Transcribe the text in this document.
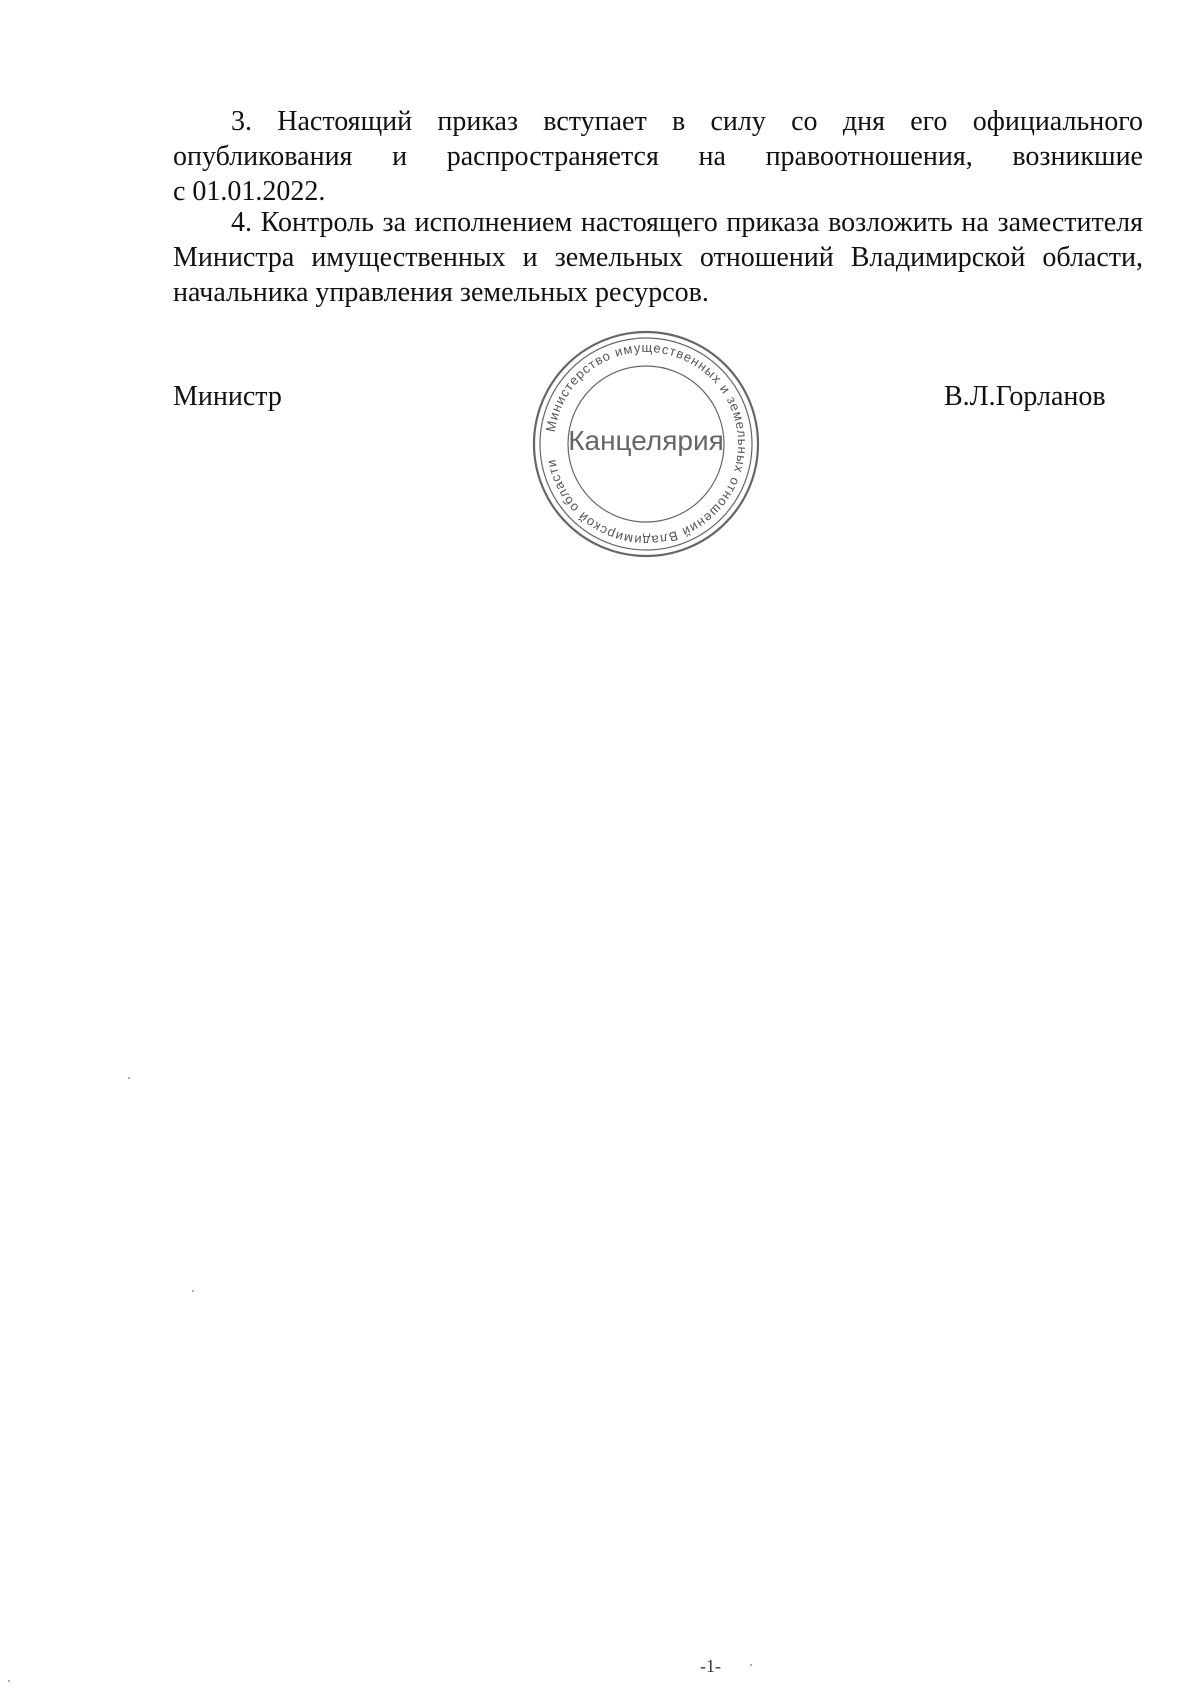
3. Настоящий приказ вступает в силу со дня его официального
опубликования и распространяется на правоотношения, возникшие
с 01.01.2022.
4. Контроль за исполнением настоящего приказа возложить на заместителя
Министра имущественных и земельных отношений Владимирской области,
начальника управления земельных ресурсов.
Министр
Министерство имущественных и земельных отношений Владимирской области
Канцелярия
В.Л.Горланов
-1-
